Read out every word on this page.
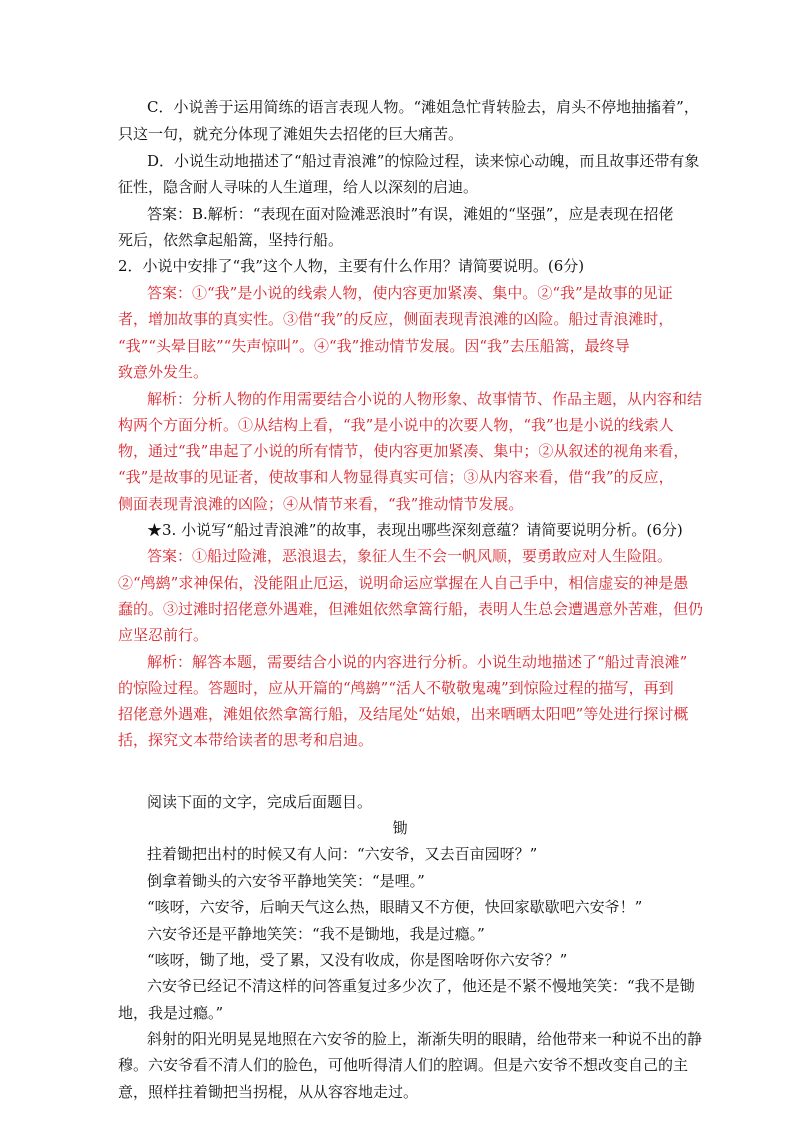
C．小说善于运用简练的语言表现人物。“滩姐急忙背转脸去，肩头不停地抽搐着”，
只这一句，就充分体现了滩姐失去招佬的巨大痛苦。
D．小说生动地描述了“船过青浪滩”的惊险过程，读来惊心动魄，而且故事还带有象
征性，隐含耐人寻味的人生道理，给人以深刻的启迪。
答案：B.解析：“表现在面对险滩恶浪时”有误，滩姐的“坚强”，应是表现在招佬
死后，依然拿起船篙，坚持行船。
2．小说中安排了“我”这个人物，主要有什么作用？请简要说明。(6分)
答案：①“我”是小说的线索人物，使内容更加紧凑、集中。②“我”是故事的见证
者，增加故事的真实性。③借“我”的反应，侧面表现青浪滩的凶险。船过青浪滩时，
“我”“头晕目眩”“失声惊叫”。④“我”推动情节发展。因“我”去压船篙，最终导
致意外发生。
解析：分析人物的作用需要结合小说的人物形象、故事情节、作品主题，从内容和结
构两个方面分析。①从结构上看，“我”是小说中的次要人物，“我”也是小说的线索人
物，通过“我”串起了小说的所有情节，使内容更加紧凑、集中；②从叙述的视角来看，
“我”是故事的见证者，使故事和人物显得真实可信；③从内容来看，借“我”的反应，
侧面表现青浪滩的凶险；④从情节来看，“我”推动情节发展。
★3. 小说写“船过青浪滩”的故事，表现出哪些深刻意蕴？请简要说明分析。(6分)
答案：①船过险滩，恶浪退去，象征人生不会一帆风顺，要勇敢应对人生险阻。
②“鸬鹚”求神保佑，没能阻止厄运，说明命运应掌握在人自己手中，相信虚妄的神是愚
蠢的。③过滩时招佬意外遇难，但滩姐依然拿篙行船，表明人生总会遭遇意外苦难，但仍
应坚忍前行。
解析：解答本题，需要结合小说的内容进行分析。小说生动地描述了“船过青浪滩”
的惊险过程。答题时，应从开篇的“鸬鹚”“活人不敬敬鬼魂”到惊险过程的描写，再到
招佬意外遇难，滩姐依然拿篙行船，及结尾处“姑娘，出来晒晒太阳吧”等处进行探讨概
括，探究文本带给读者的思考和启迪。
阅读下面的文字，完成后面题目。
锄
拄着锄把出村的时候又有人问：“六安爷，又去百亩园呀？”
倒拿着锄头的六安爷平静地笑笑：“是哩。”
“咳呀，六安爷，后晌天气这么热，眼睛又不方便，快回家歇歇吧六安爷！”
六安爷还是平静地笑笑：“我不是锄地，我是过瘾。”
“咳呀，锄了地，受了累，又没有收成，你是图啥呀你六安爷？”
六安爷已经记不清这样的问答重复过多少次了，他还是不紧不慢地笑笑：“我不是锄
地，我是过瘾。”
斜射的阳光明晃晃地照在六安爷的脸上，渐渐失明的眼睛，给他带来一种说不出的静
穆。六安爷看不清人们的脸色，可他听得清人们的腔调。但是六安爷不想改变自己的主
意，照样拄着锄把当拐棍，从从容容地走过。
